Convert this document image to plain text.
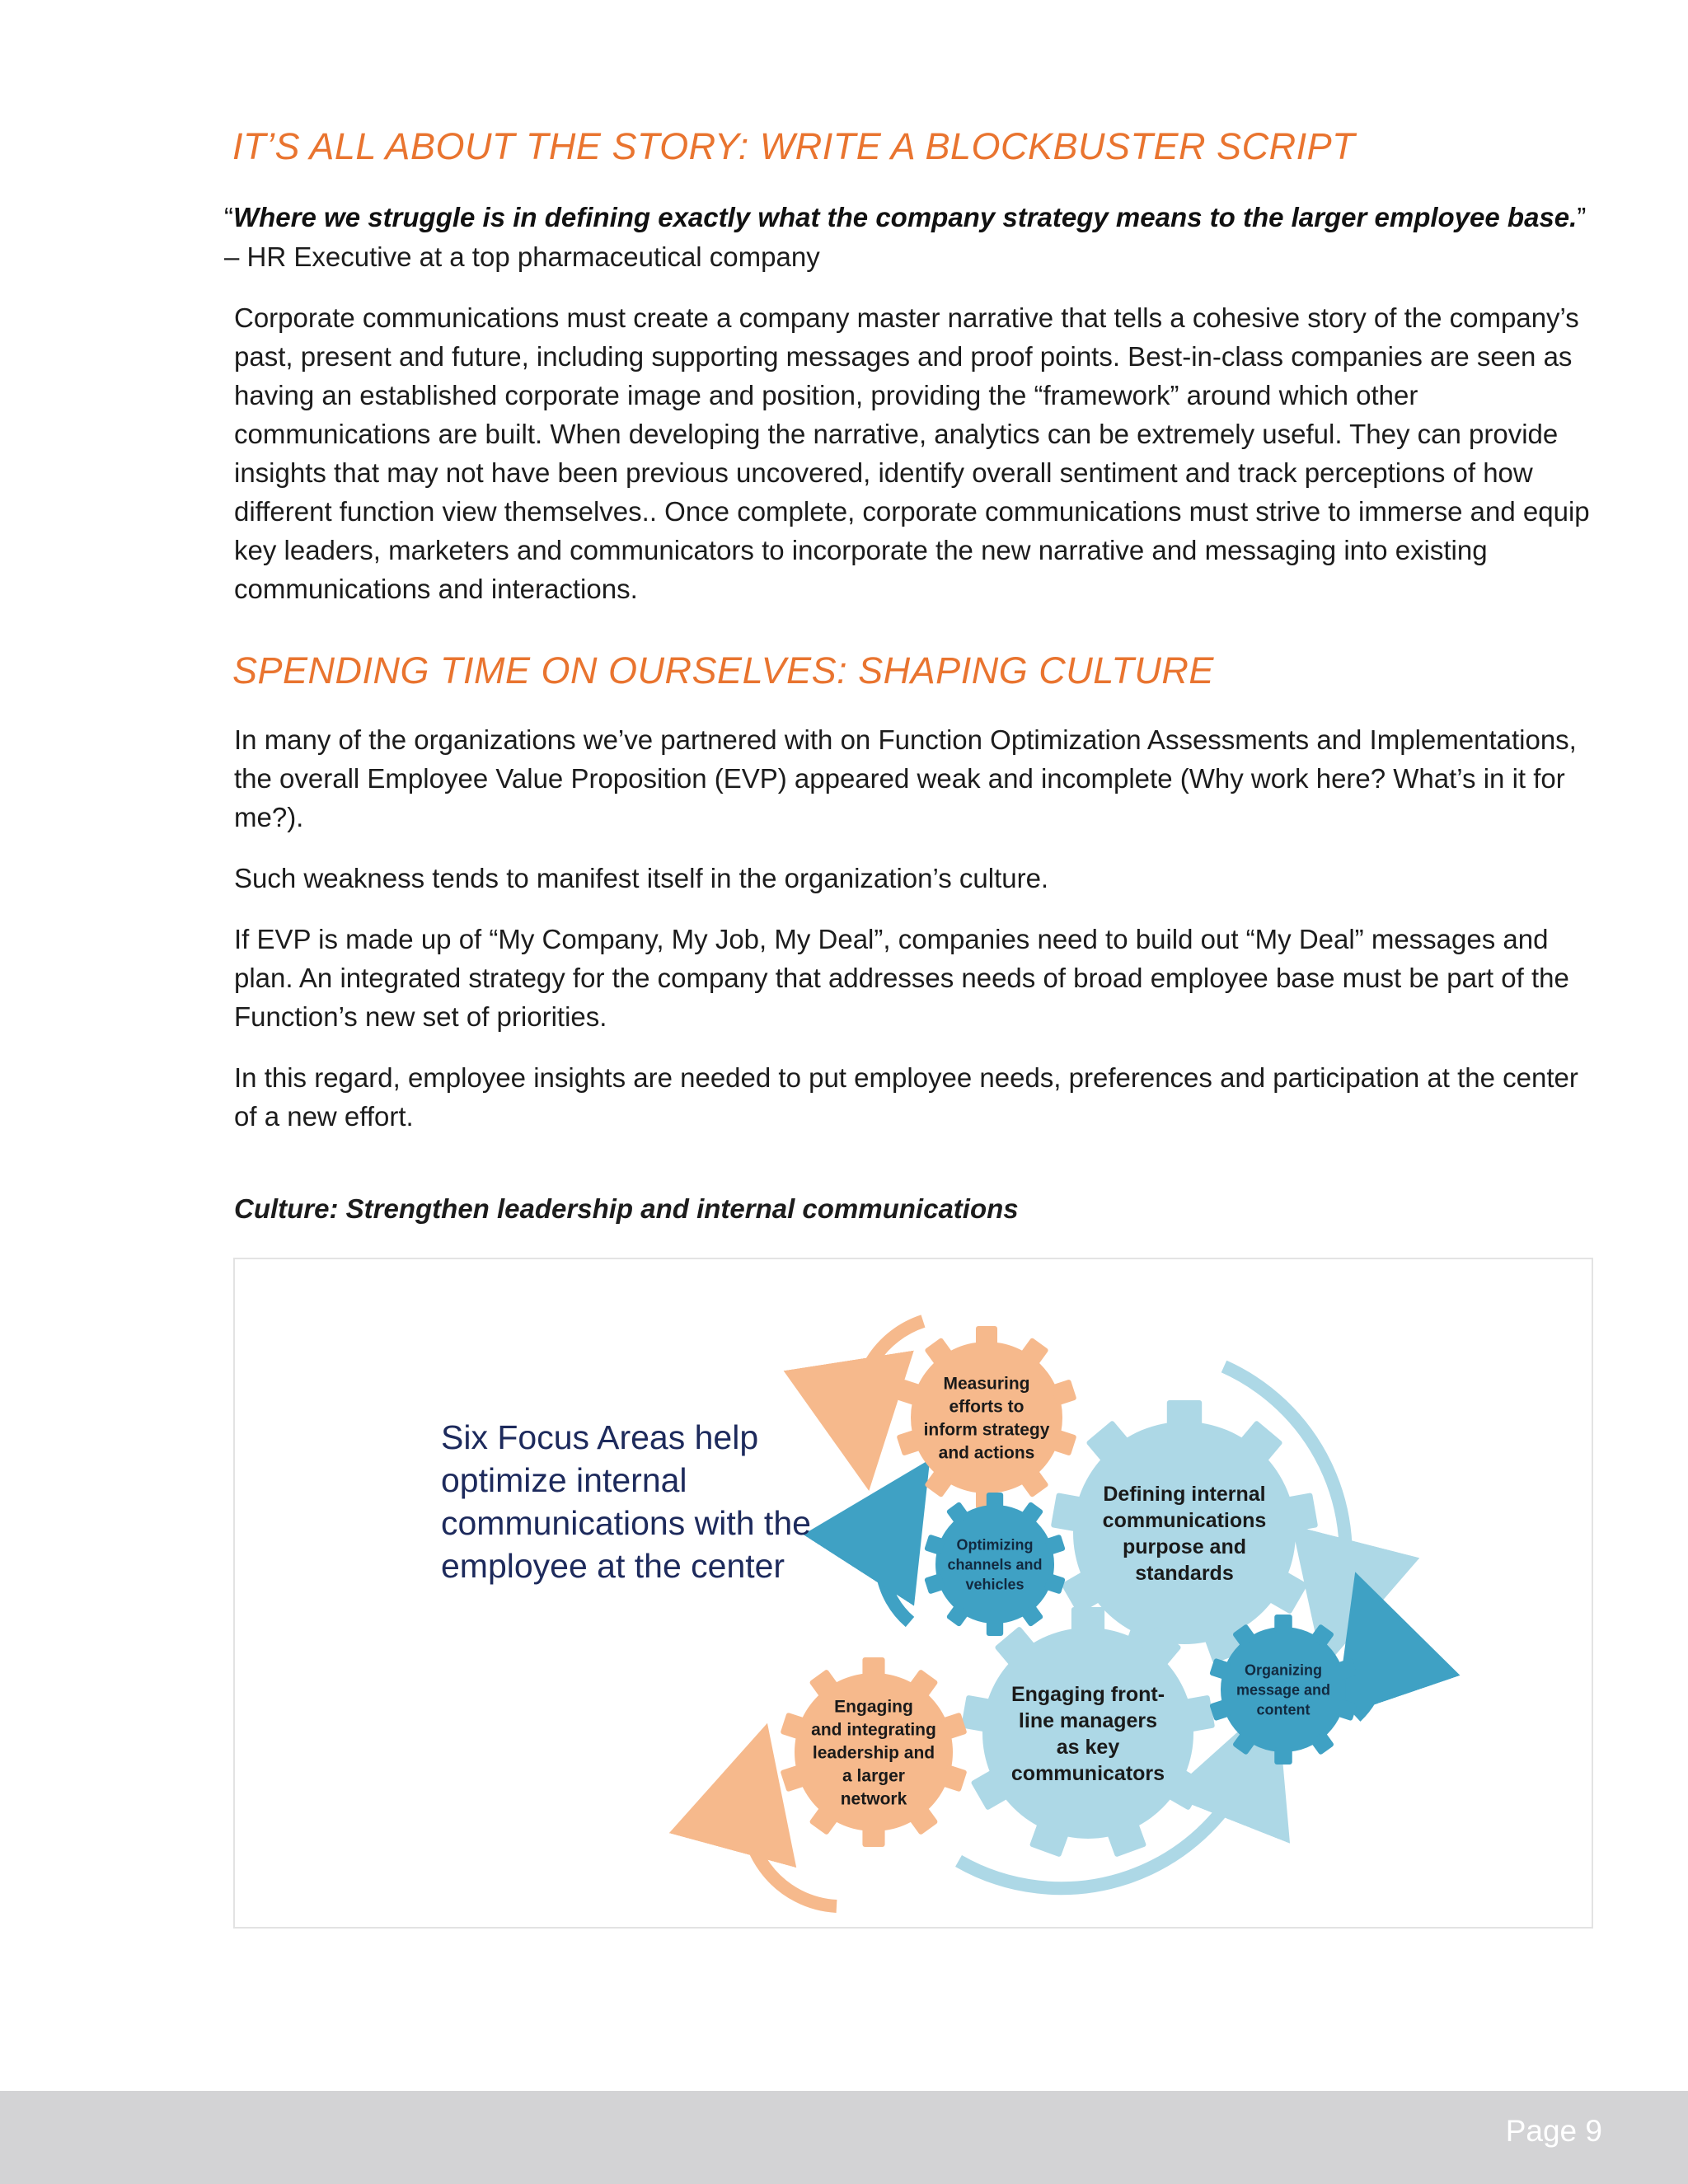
IT’S ALL ABOUT THE STORY: WRITE A BLOCKBUSTER SCRIPT
“Where we struggle is in defining exactly what the company strategy means to the larger employee base.”
– HR Executive at a top pharmaceutical company

Corporate communications must create a company master narrative that tells a cohesive story of the company’s past, present and future, including supporting messages and proof points. Best-in-class companies are seen as having an established corporate image and position, providing the “framework” around which other communications are built. When developing the narrative, analytics can be extremely useful. They can provide insights that may not have been previous uncovered, identify overall sentiment and track perceptions of how different function view themselves.. Once complete, corporate communications must strive to immerse and equip key leaders, marketers and communicators to incorporate the new narrative and messaging into existing communications and interactions.

SPENDING TIME ON OURSELVES: SHAPING CULTURE

In many of the organizations we’ve partnered with on Function Optimization Assessments and Implementations, the overall Employee Value Proposition (EVP) appeared weak and incomplete (Why work here? What’s in it for me?).

Such weakness tends to manifest itself in the organization’s culture.

If EVP is made up of “My Company, My Job, My Deal”, companies need to build out “My Deal” messages and plan. An integrated strategy for the company that addresses needs of broad employee base must be part of the Function’s new set of priorities.

In this regard, employee insights are needed to put employee needs, preferences and participation at the center of a new effort.

Culture: Strengthen leadership and internal communications
Defining internal communications purpose and standards
Engaging front-line managers as key communicators
Measuring efforts to inform strategy and actions
Engaging and integrating leadership and a larger network
Optimizing channels and vehicles
Organizing message and content
Six Focus Areas help optimize internal communications with the employee at the center
Page 9
